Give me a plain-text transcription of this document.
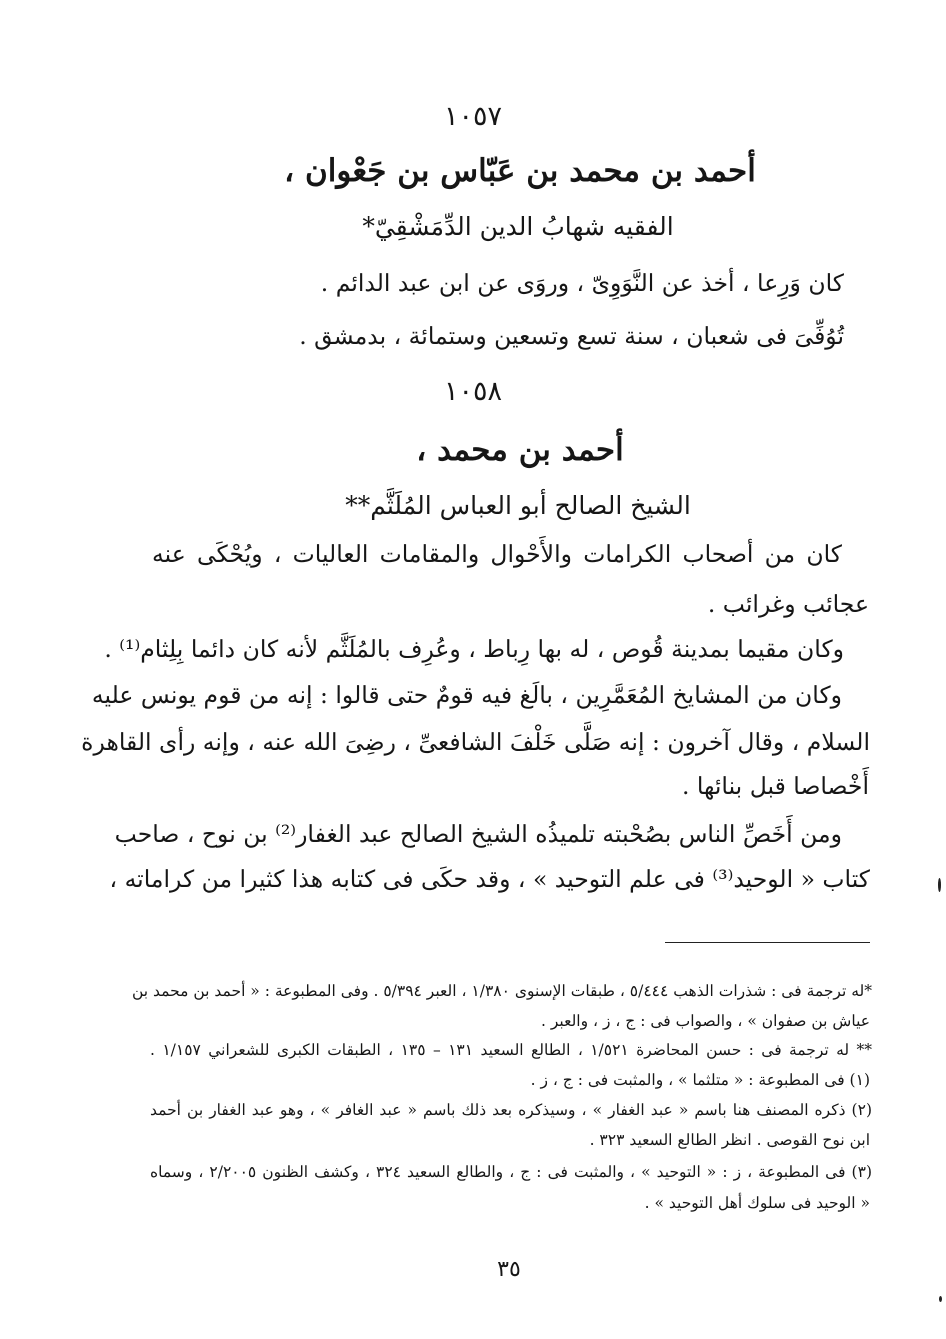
١٠٥٧
أحمد بن محمد بن عَبّاس بن جَعْوان ،
الفقيه شهابُ الدين الدِّمَشْقِيّ*
كان وَرِعا ، أخذ عن النَّوَوِىّ ، وروَى عن ابن عبد الدائم .
تُوُفِّىَ فى شعبان ، سنة تسع وتسعين وستمائة ، بدمشق .
١٠٥٨
أحمد بن محمد ،
الشيخ الصالح أبو العباس المُلَثَّم**
كان من أصحاب الكرامات والأَحْوال والمقامات العاليات ، ويُحْكَى عنه
عجائب وغرائب .
وكان مقيما بمدينة قُوص ، له بها رِباط ، وعُرِف بالمُلَثَّم لأنه كان دائما بِلِثام⁽¹⁾ .
وكان من المشايخ المُعَمَّرِين ، بالَغ فيه قومٌ حتى قالوا : إنه من قوم يونس عليه
السلام ، وقال آخرون : إنه صَلَّى خَلْفَ الشافعىِّ ، رضِىَ الله عنه ، وإنه رأى القاهرة
أَخْصاصا قبل بنائها .
ومن أَخَصِّ الناس بصُحْبته تلميذُه الشيخ الصالح عبد الغفار⁽²⁾ بن نوح ، صاحب
كتاب « الوحيد⁽³⁾ فى علم التوحيد » ، وقد حكَى فى كتابه هذا كثيرا من كراماته ،
*له ترجمة فى : شذرات الذهب ٥/٤٤٤ ، طبقات الإسنوى ١/٣٨٠ ، العبر ٥/٣٩٤ . وفى المطبوعة : « أحمد بن محمد بن
عياش بن صفوان » ، والصواب فى : ج ، ز ، والعبر .
** له ترجمة فى : حسن المحاضرة ١/٥٢١ ، الطالع السعيد ١٣١ – ١٣٥ ، الطبقات الكبرى للشعراني ١/١٥٧ .
(١) فى المطبوعة : « متلثما » ، والمثبت فى : ج ، ز .
(٢) ذكره المصنف هنا باسم « عبد الغفار » ، وسيذكره بعد ذلك باسم « عبد الغافر » ، وهو عبد الغفار بن أحمد
ابن نوح القوصى . انظر الطالع السعيد ٣٢٣ .
(٣) فى المطبوعة ، ز : « التوحيد » ، والمثبت فى : ج ، والطالع السعيد ٣٢٤ ، وكشف الظنون ٢/٢٠٠٥ ، وسماه
« الوحيد فى سلوك أهل التوحيد » .
٣٥
